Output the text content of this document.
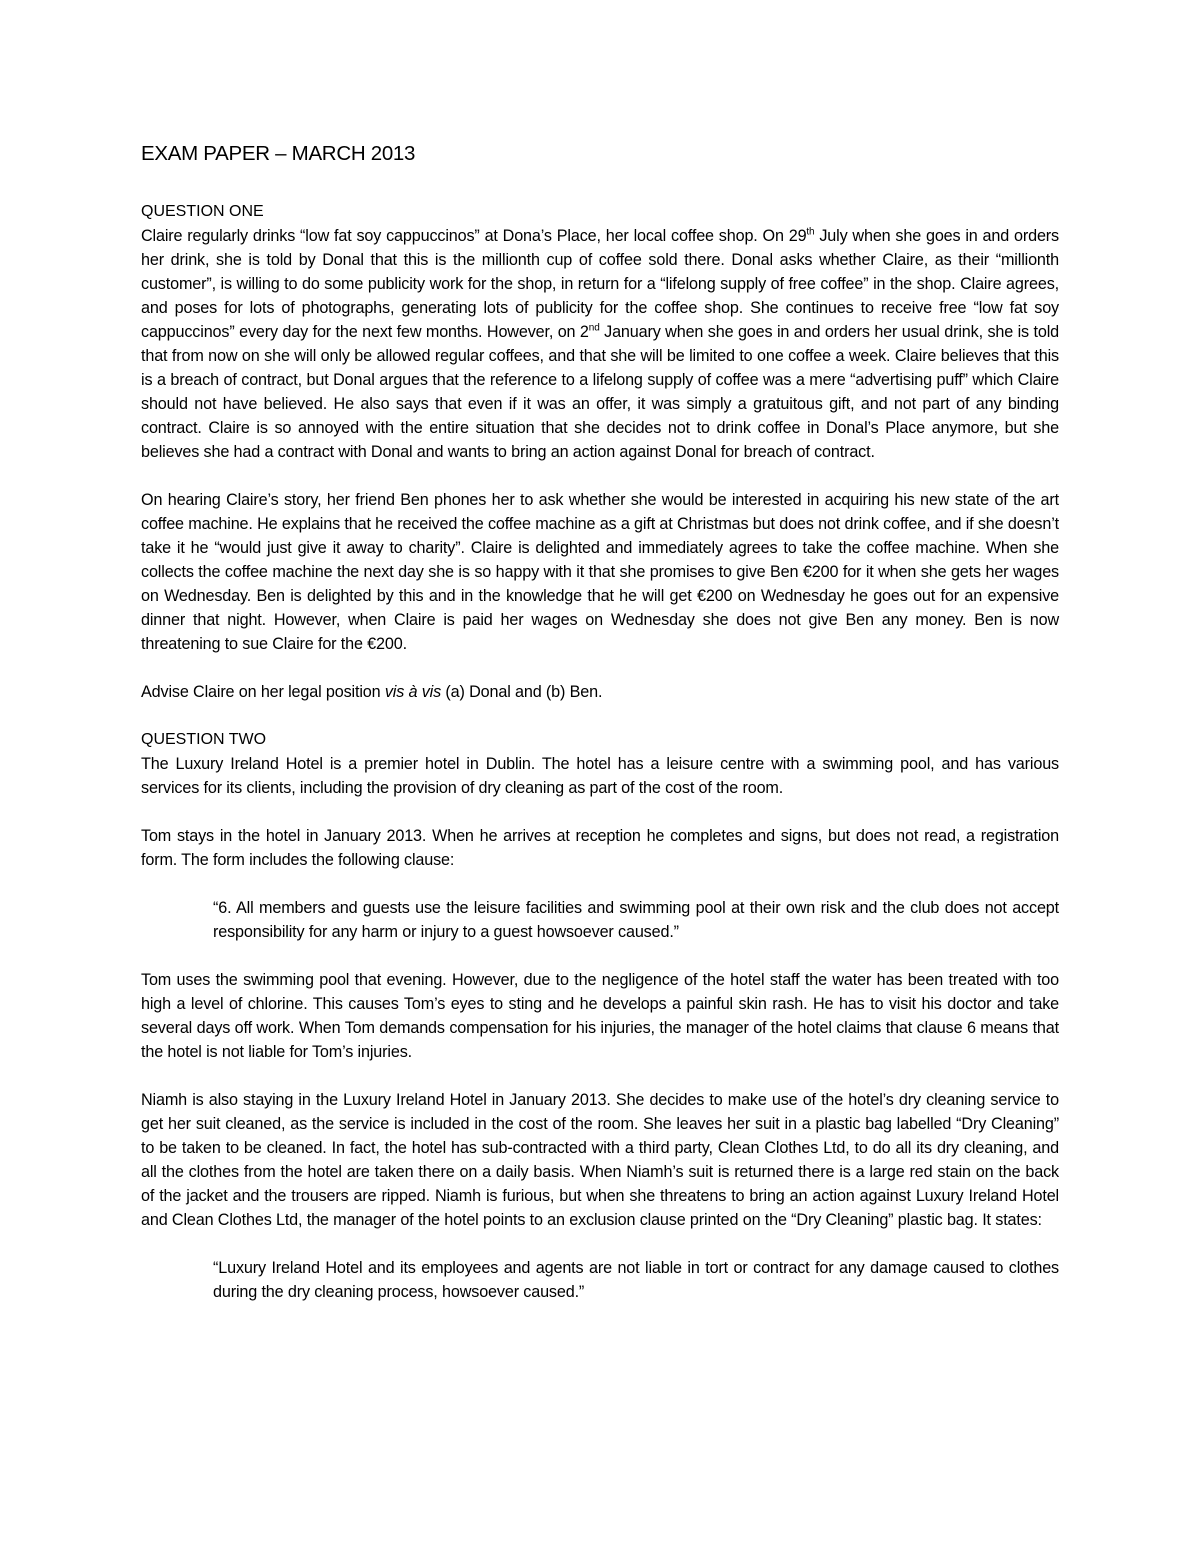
EXAM PAPER – MARCH 2013
QUESTION ONE

Claire regularly drinks “low fat soy cappuccinos” at Dona’s Place, her local coffee shop. On 29th July when she goes in and orders her drink, she is told by Donal that this is the millionth cup of coffee sold there. Donal asks whether Claire, as their “millionth customer”, is willing to do some publicity work for the shop, in return for a “lifelong supply of free coffee” in the shop. Claire agrees, and poses for lots of photographs, generating lots of publicity for the coffee shop. She continues to receive free “low fat soy cappuccinos” every day for the next few months. However, on 2nd January when she goes in and orders her usual drink, she is told that from now on she will only be allowed regular coffees, and that she will be limited to one coffee a week. Claire believes that this is a breach of contract, but Donal argues that the reference to a lifelong supply of coffee was a mere “advertising puff” which Claire should not have believed. He also says that even if it was an offer, it was simply a gratuitous gift, and not part of any binding contract. Claire is so annoyed with the entire situation that she decides not to drink coffee in Donal’s Place anymore, but she believes she had a contract with Donal and wants to bring an action against Donal for breach of contract.

On hearing Claire’s story, her friend Ben phones her to ask whether she would be interested in acquiring his new state of the art coffee machine. He explains that he received the coffee machine as a gift at Christmas but does not drink coffee, and if she doesn’t take it he “would just give it away to charity”. Claire is delighted and immediately agrees to take the coffee machine. When she collects the coffee machine the next day she is so happy with it that she promises to give Ben €200 for it when she gets her wages on Wednesday. Ben is delighted by this and in the knowledge that he will get €200 on Wednesday he goes out for an expensive dinner that night. However, when Claire is paid her wages on Wednesday she does not give Ben any money. Ben is now threatening to sue Claire for the €200.

Advise Claire on her legal position vis à vis (a) Donal and (b) Ben.

QUESTION TWO

The Luxury Ireland Hotel is a premier hotel in Dublin. The hotel has a leisure centre with a swimming pool, and has various services for its clients, including the provision of dry cleaning as part of the cost of the room.

Tom stays in the hotel in January 2013. When he arrives at reception he completes and signs, but does not read, a registration form. The form includes the following clause:

“6. All members and guests use the leisure facilities and swimming pool at their own risk and the club does not accept responsibility for any harm or injury to a guest howsoever caused.”

Tom uses the swimming pool that evening. However, due to the negligence of the hotel staff the water has been treated with too high a level of chlorine. This causes Tom’s eyes to sting and he develops a painful skin rash. He has to visit his doctor and take several days off work. When Tom demands compensation for his injuries, the manager of the hotel claims that clause 6 means that the hotel is not liable for Tom’s injuries.

Niamh is also staying in the Luxury Ireland Hotel in January 2013. She decides to make use of the hotel’s dry cleaning service to get her suit cleaned, as the service is included in the cost of the room. She leaves her suit in a plastic bag labelled “Dry Cleaning” to be taken to be cleaned. In fact, the hotel has sub-contracted with a third party, Clean Clothes Ltd, to do all its dry cleaning, and all the clothes from the hotel are taken there on a daily basis. When Niamh’s suit is returned there is a large red stain on the back of the jacket and the trousers are ripped. Niamh is furious, but when she threatens to bring an action against Luxury Ireland Hotel and Clean Clothes Ltd, the manager of the hotel points to an exclusion clause printed on the “Dry Cleaning” plastic bag. It states:

“Luxury Ireland Hotel and its employees and agents are not liable in tort or contract for any damage caused to clothes during the dry cleaning process, howsoever caused.”
